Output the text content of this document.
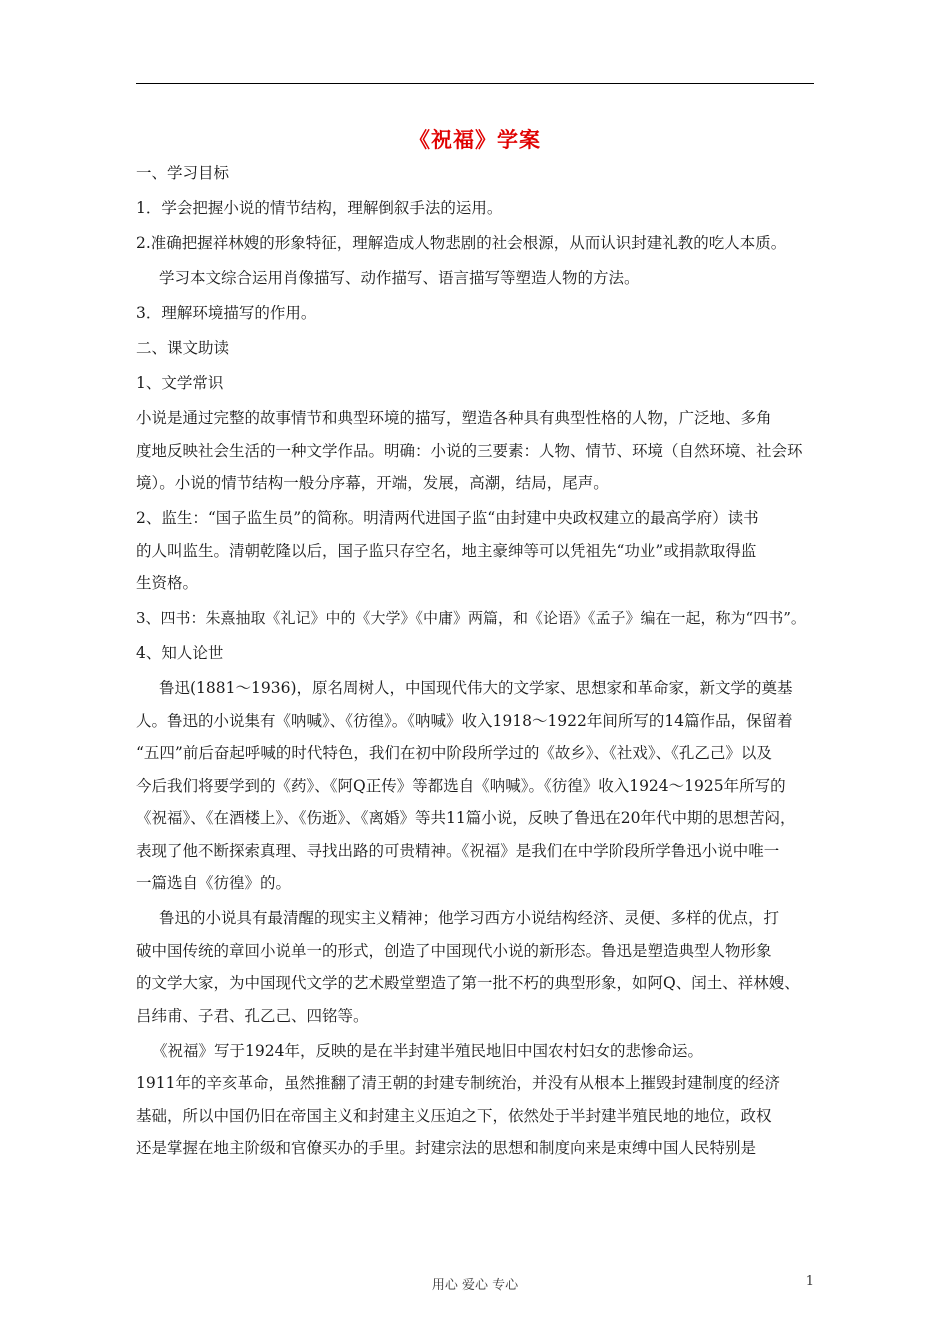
《祝福》学案
一、学习目标
1．学会把握小说的情节结构，理解倒叙手法的运用。
2.准确把握祥林嫂的形象特征，理解造成人物悲剧的社会根源，从而认识封建礼教的吃人本质。
学习本文综合运用肖像描写、动作描写、语言描写等塑造人物的方法。
3．理解环境描写的作用。
二、课文助读
1、文学常识
小说是通过完整的故事情节和典型环境的描写，塑造各种具有典型性格的人物，广泛地、多角
度地反映社会生活的一种文学作品。明确：小说的三要素：人物、情节、环境（自然环境、社会环
境）。小说的情节结构一般分序幕，开端，发展，高潮，结局，尾声。
2、监生：“国子监生员”的简称。明清两代进国子监“由封建中央政权建立的最高学府）读书
的人叫监生。清朝乾隆以后，国子监只存空名，地主豪绅等可以凭祖先“功业”或捐款取得监
生资格。
3、四书：朱熹抽取《礼记》中的《大学》《中庸》两篇，和《论语》《孟子》编在一起，称为“四书”。
4、知人论世
鲁迅(1881～1936)，原名周树人，中国现代伟大的文学家、思想家和革命家，新文学的奠基
人。鲁迅的小说集有《呐喊》、《彷徨》。《呐喊》收入1918～1922年间所写的14篇作品，保留着
“五四”前后奋起呼喊的时代特色，我们在初中阶段所学过的《故乡》、《社戏》、《孔乙己》以及
今后我们将要学到的《药》、《阿Q正传》等都选自《呐喊》。《彷徨》收入1924～1925年所写的
《祝福》、《在酒楼上》、《伤逝》、《离婚》等共11篇小说，反映了鲁迅在20年代中期的思想苦闷，
表现了他不断探索真理、寻找出路的可贵精神。《祝福》是我们在中学阶段所学鲁迅小说中唯一
一篇选自《彷徨》的。
鲁迅的小说具有最清醒的现实主义精神；他学习西方小说结构经济、灵便、多样的优点，打
破中国传统的章回小说单一的形式，创造了中国现代小说的新形态。鲁迅是塑造典型人物形象
的文学大家，为中国现代文学的艺术殿堂塑造了第一批不朽的典型形象，如阿Q、闰土、祥林嫂、
吕纬甫、子君、孔乙己、四铭等。
《祝福》写于1924年，反映的是在半封建半殖民地旧中国农村妇女的悲惨命运。
1911年的辛亥革命，虽然推翻了清王朝的封建专制统治，并没有从根本上摧毁封建制度的经济
基础，所以中国仍旧在帝国主义和封建主义压迫之下，依然处于半封建半殖民地的地位，政权
还是掌握在地主阶级和官僚买办的手里。封建宗法的思想和制度向来是束缚中国人民特别是
用心 爱心 专心	1
